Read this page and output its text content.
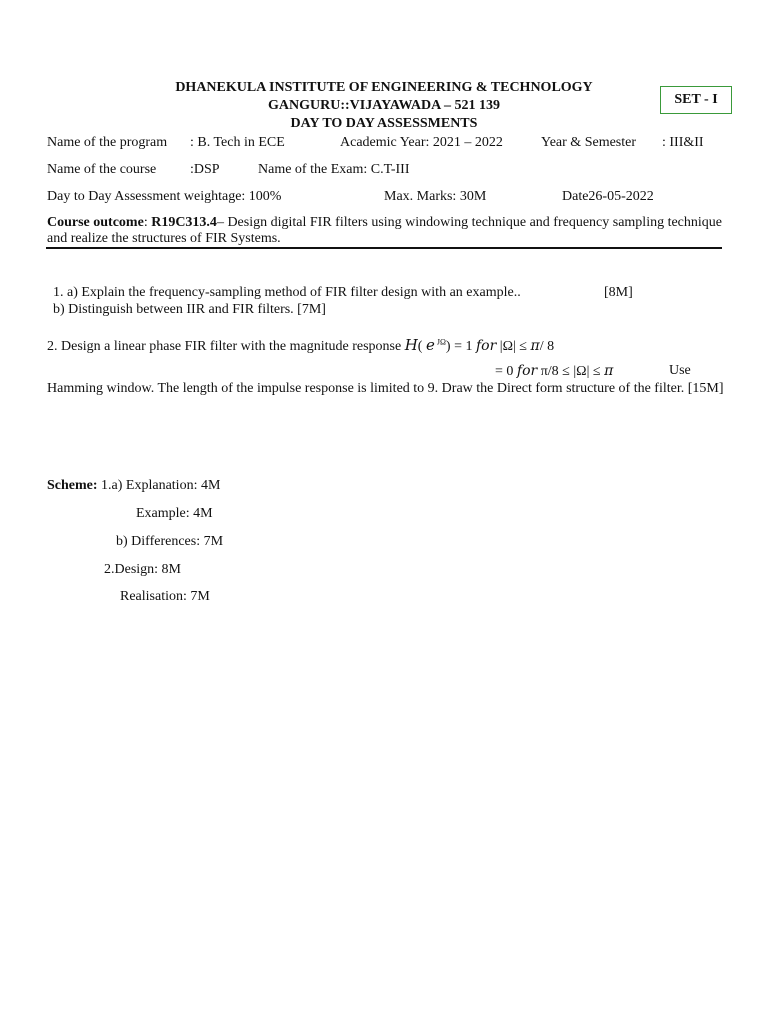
DHANEKULA INSTITUTE OF ENGINEERING & TECHNOLOGY
GANGURU::VIJAYAWADA – 521 139
DAY TO DAY ASSESSMENTS
SET - I
Name of the program : B. Tech in ECE	Academic Year: 2021 – 2022	Year & Semester : III&II
Name of the course :DSP	Name of the Exam: C.T-III
Day to Day Assessment weightage: 100%	Max. Marks: 30M	Date26-05-2022
Course outcome: R19C313.4– Design digital FIR filters using windowing technique and frequency sampling technique and realize the structures of FIR Systems.
1. a) Explain the frequency-sampling method of FIR filter design with an example..	[8M]
b) Distinguish between IIR and FIR filters. [7M]
2. Design a linear phase FIR filter with the magnitude response H( e $^{J\Omega}$) = 1 for |Ω| ≤ π/ 8
= 0 for π/8 ≤ |Ω| ≤ π	Use
Hamming window. The length of the impulse response is limited to 9. Draw the Direct form structure of the filter. [15M]
Scheme: 1.a) Explanation: 4M
Example: 4M
b) Differences: 7M
2.Design: 8M
Realisation: 7M
